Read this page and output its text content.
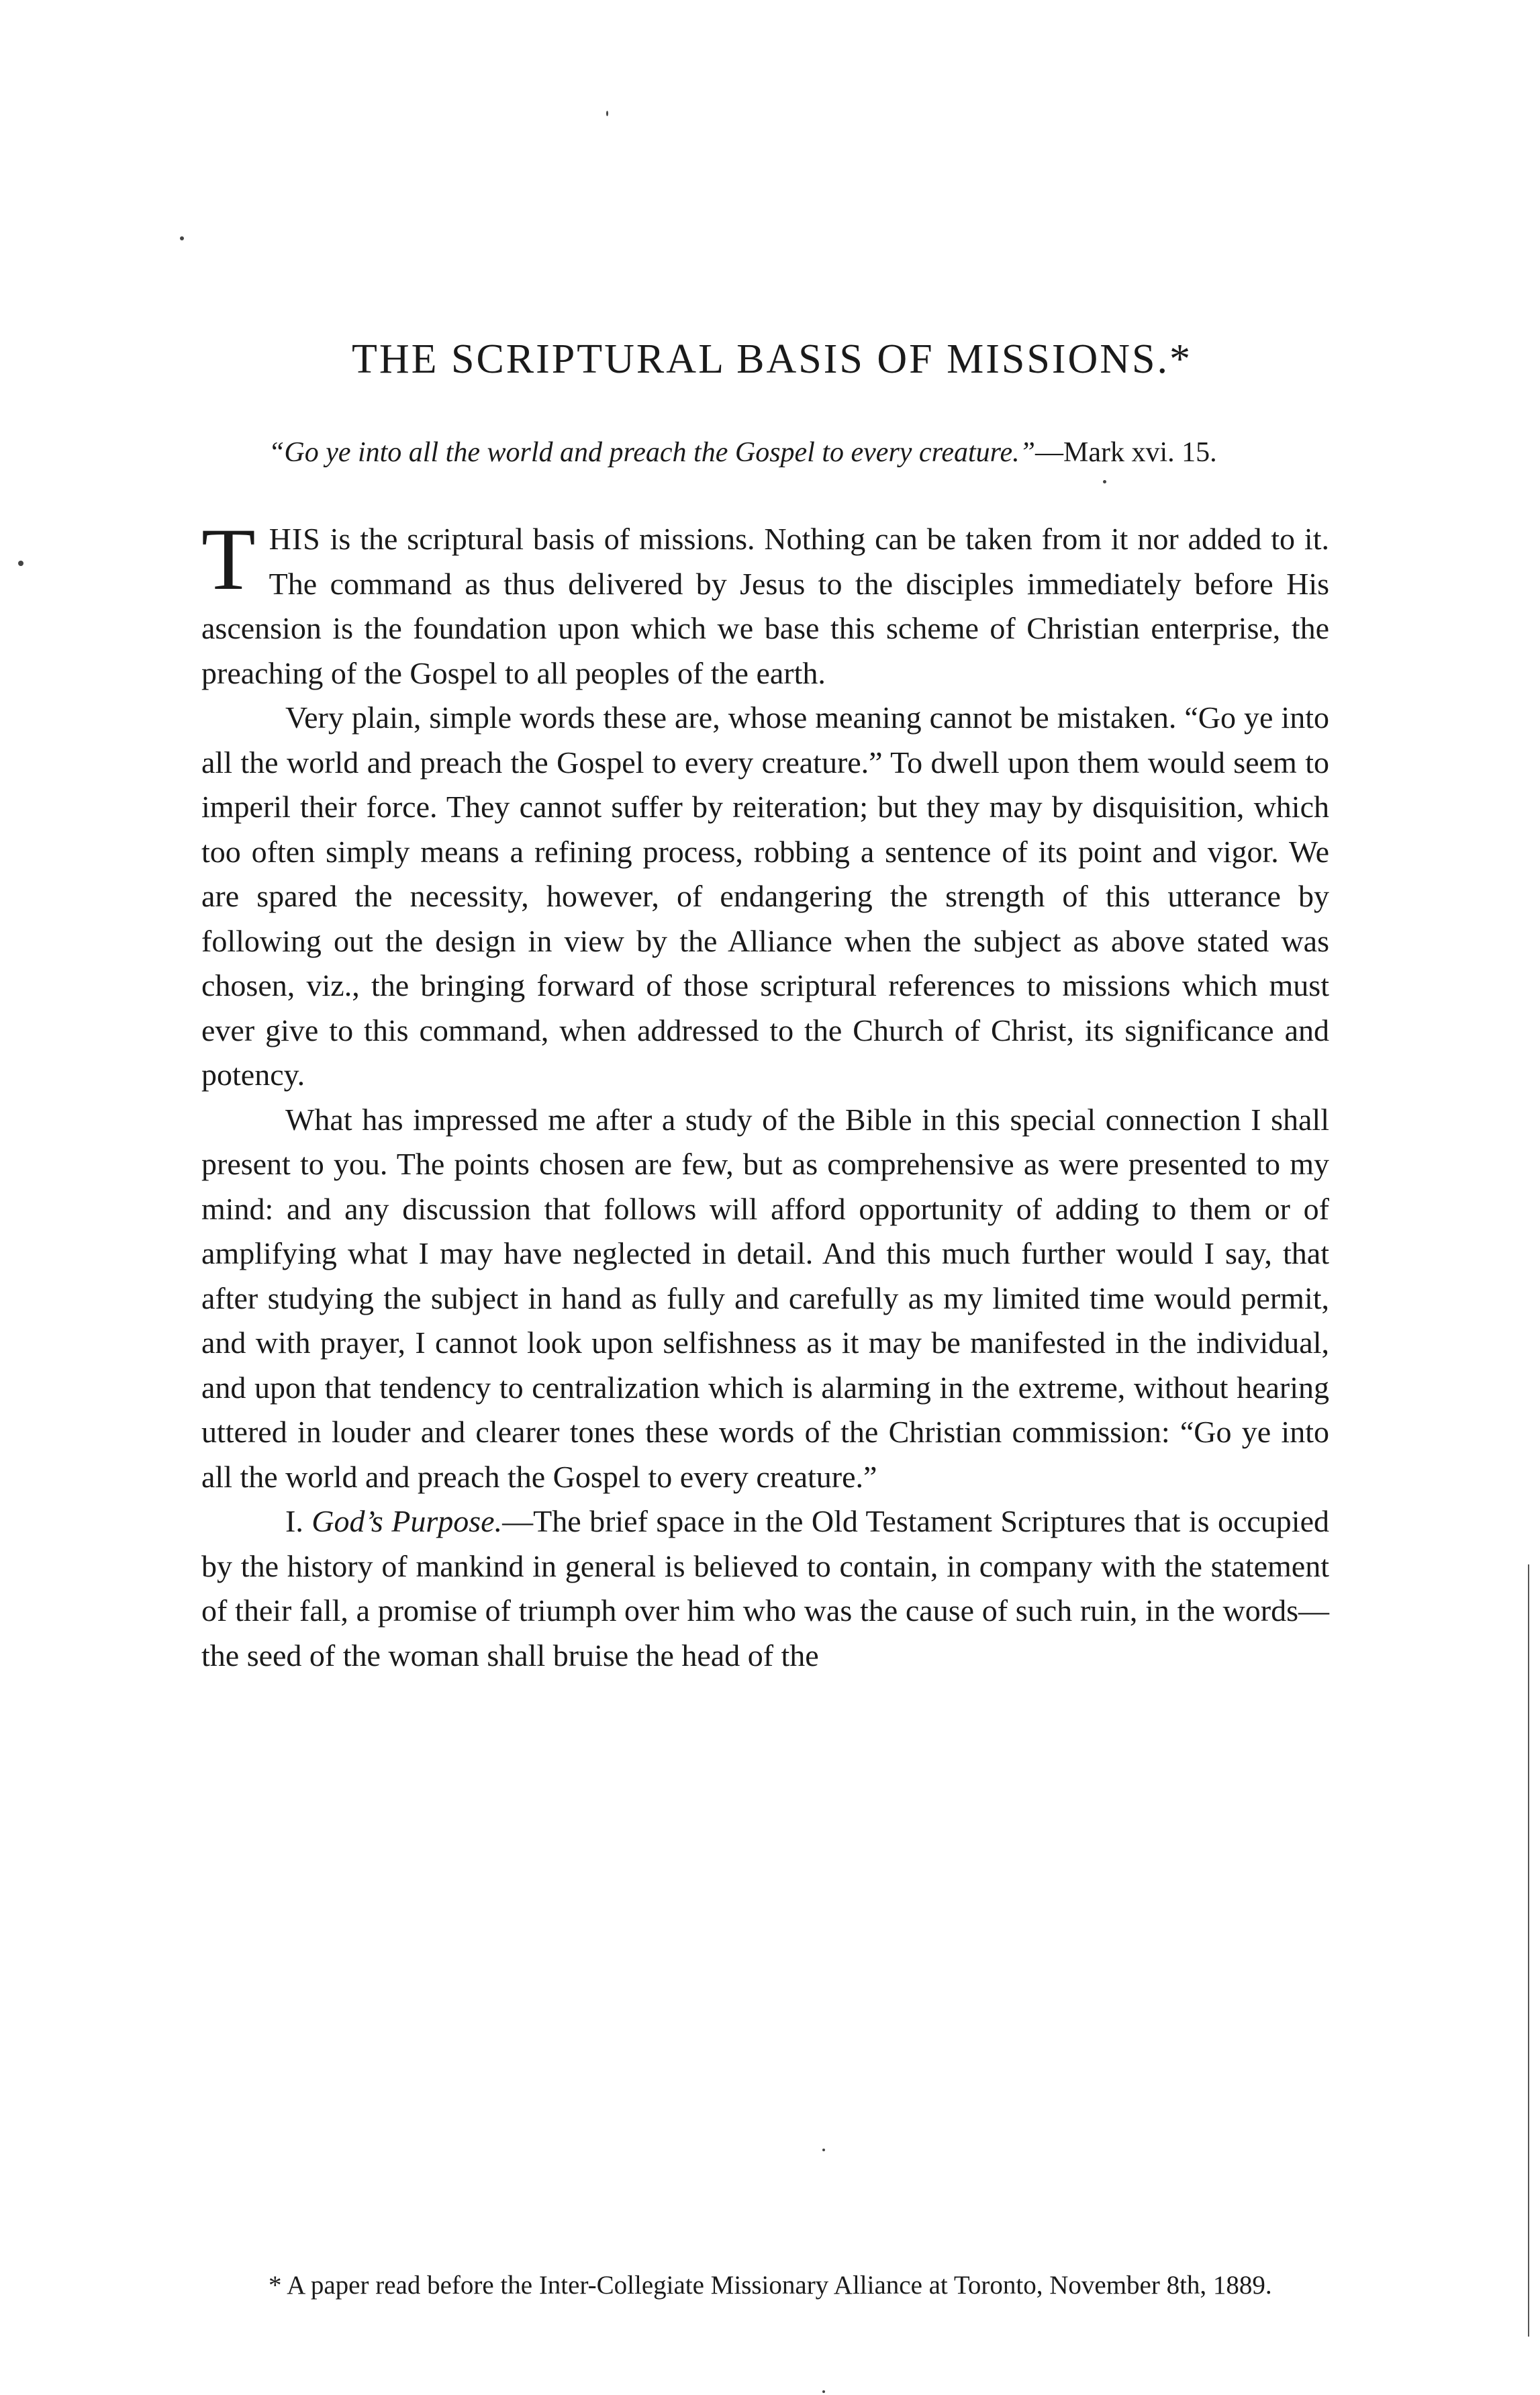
THE SCRIPTURAL BASIS OF MISSIONS.*
“Go ye into all the world and preach the Gospel to every creature.”—Mark xvi. 15.

THIS is the scriptural basis of missions. Nothing can be taken from it nor added to it. The command as thus delivered by Jesus to the disciples immediately before His ascension is the foundation upon which we base this scheme of Christian enterprise, the preaching of the Gospel to all peoples of the earth.

Very plain, simple words these are, whose meaning cannot be mistaken. “Go ye into all the world and preach the Gospel to every creature.” To dwell upon them would seem to imperil their force. They cannot suffer by reiteration; but they may by disquisition, which too often simply means a refining process, robbing a sentence of its point and vigor. We are spared the necessity, however, of endangering the strength of this utterance by following out the design in view by the Alliance when the subject as above stated was chosen, viz., the bringing forward of those scriptural references to missions which must ever give to this command, when addressed to the Church of Christ, its significance and potency.

What has impressed me after a study of the Bible in this special connection I shall present to you. The points chosen are few, but as comprehensive as were presented to my mind: and any discussion that follows will afford opportunity of adding to them or of amplifying what I may have neglected in detail. And this much further would I say, that after studying the subject in hand as fully and carefully as my limited time would permit, and with prayer, I cannot look upon selfishness as it may be manifested in the individual, and upon that tendency to centralization which is alarming in the extreme, without hearing uttered in louder and clearer tones these words of the Christian commission: “Go ye into all the world and preach the Gospel to every creature.”

I. God’s Purpose.—The brief space in the Old Testament Scriptures that is occupied by the history of mankind in general is believed to contain, in company with the statement of their fall, a promise of triumph over him who was the cause of such ruin, in the words—the seed of the woman shall bruise the head of the

* A paper read before the Inter-Collegiate Missionary Alliance at Toronto, November 8th, 1889.
